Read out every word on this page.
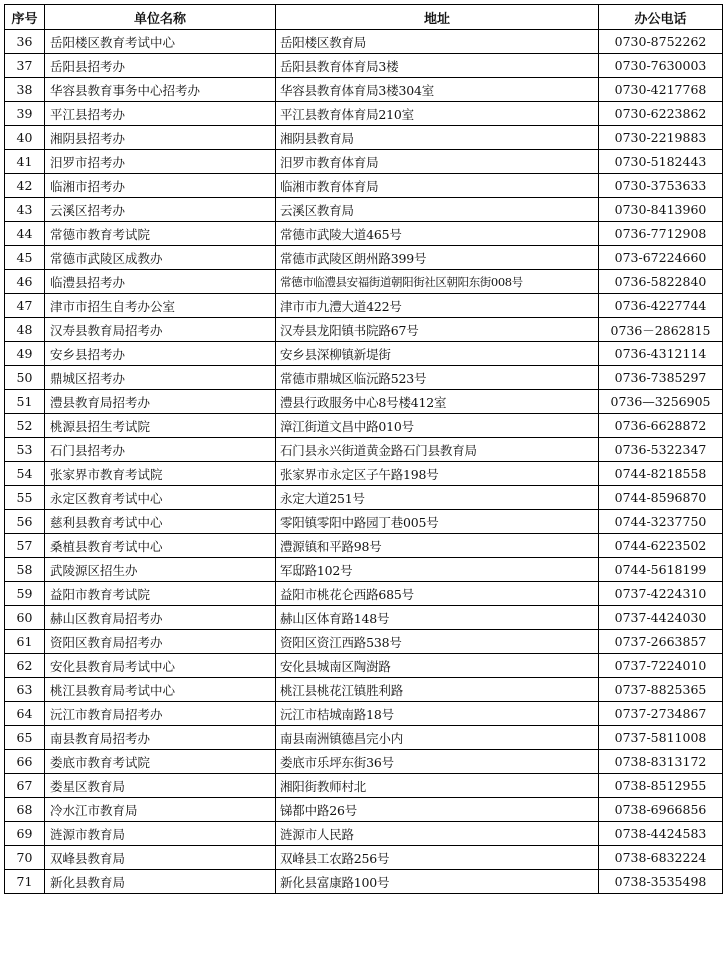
序号	单位名称	地址	办公电话
36	岳阳楼区教育考试中心	岳阳楼区教育局	0730-8752262
37	岳阳县招考办	岳阳县教育体育局3楼	0730-7630003
38	华容县教育事务中心招考办	华容县教育体育局3楼304室	0730-4217768
39	平江县招考办	平江县教育体育局210室	0730-6223862
40	湘阴县招考办	湘阴县教育局	0730-2219883
41	汨罗市招考办	汨罗市教育体育局	0730-5182443
42	临湘市招考办	临湘市教育体育局	0730-3753633
43	云溪区招考办	云溪区教育局	0730-8413960
44	常德市教育考试院	常德市武陵大道465号	0736-7712908
45	常德市武陵区成教办	常德市武陵区朗州路399号	073-67224660
46	临澧县招考办	常德市临澧县安福街道朝阳街社区朝阳东街008号	0736-5822840
47	津市市招生自考办公室	津市市九澧大道422号	0736-4227744
48	汉寿县教育局招考办	汉寿县龙阳镇书院路67号	0736－2862815
49	安乡县招考办	安乡县深柳镇新堤街	0736-4312114
50	鼎城区招考办	常德市鼎城区临沅路523号	0736-7385297
51	澧县教育局招考办	澧县行政服务中心8号楼412室	0736—3256905
52	桃源县招生考试院	漳江街道文昌中路010号	0736-6628872
53	石门县招考办	石门县永兴街道黄金路石门县教育局	0736-5322347
54	张家界市教育考试院	张家界市永定区子午路198号	0744-8218558
55	永定区教育考试中心	永定大道251号	0744-8596870
56	慈利县教育考试中心	零阳镇零阳中路园丁巷005号	0744-3237750
57	桑植县教育考试中心	澧源镇和平路98号	0744-6223502
58	武陵源区招生办	军邸路102号	0744-5618199
59	益阳市教育考试院	益阳市桃花仑西路685号	0737-4224310
60	赫山区教育局招考办	赫山区体育路148号	0737-4424030
61	资阳区教育局招考办	资阳区资江西路538号	0737-2663857
62	安化县教育局考试中心	安化县城南区陶澍路	0737-7224010
63	桃江县教育局考试中心	桃江县桃花江镇胜利路	0737-8825365
64	沅江市教育局招考办	沅江市桔城南路18号	0737-2734867
65	南县教育局招考办	南县南洲镇德昌完小内	0737-5811008
66	娄底市教育考试院	娄底市乐坪东街36号	0738-8313172
67	娄星区教育局	湘阳街教师村北	0738-8512955
68	冷水江市教育局	锑都中路26号	0738-6966856
69	涟源市教育局	涟源市人民路	0738-4424583
70	双峰县教育局	双峰县工农路256号	0738-6832224
71	新化县教育局	新化县富康路100号	0738-3535498
